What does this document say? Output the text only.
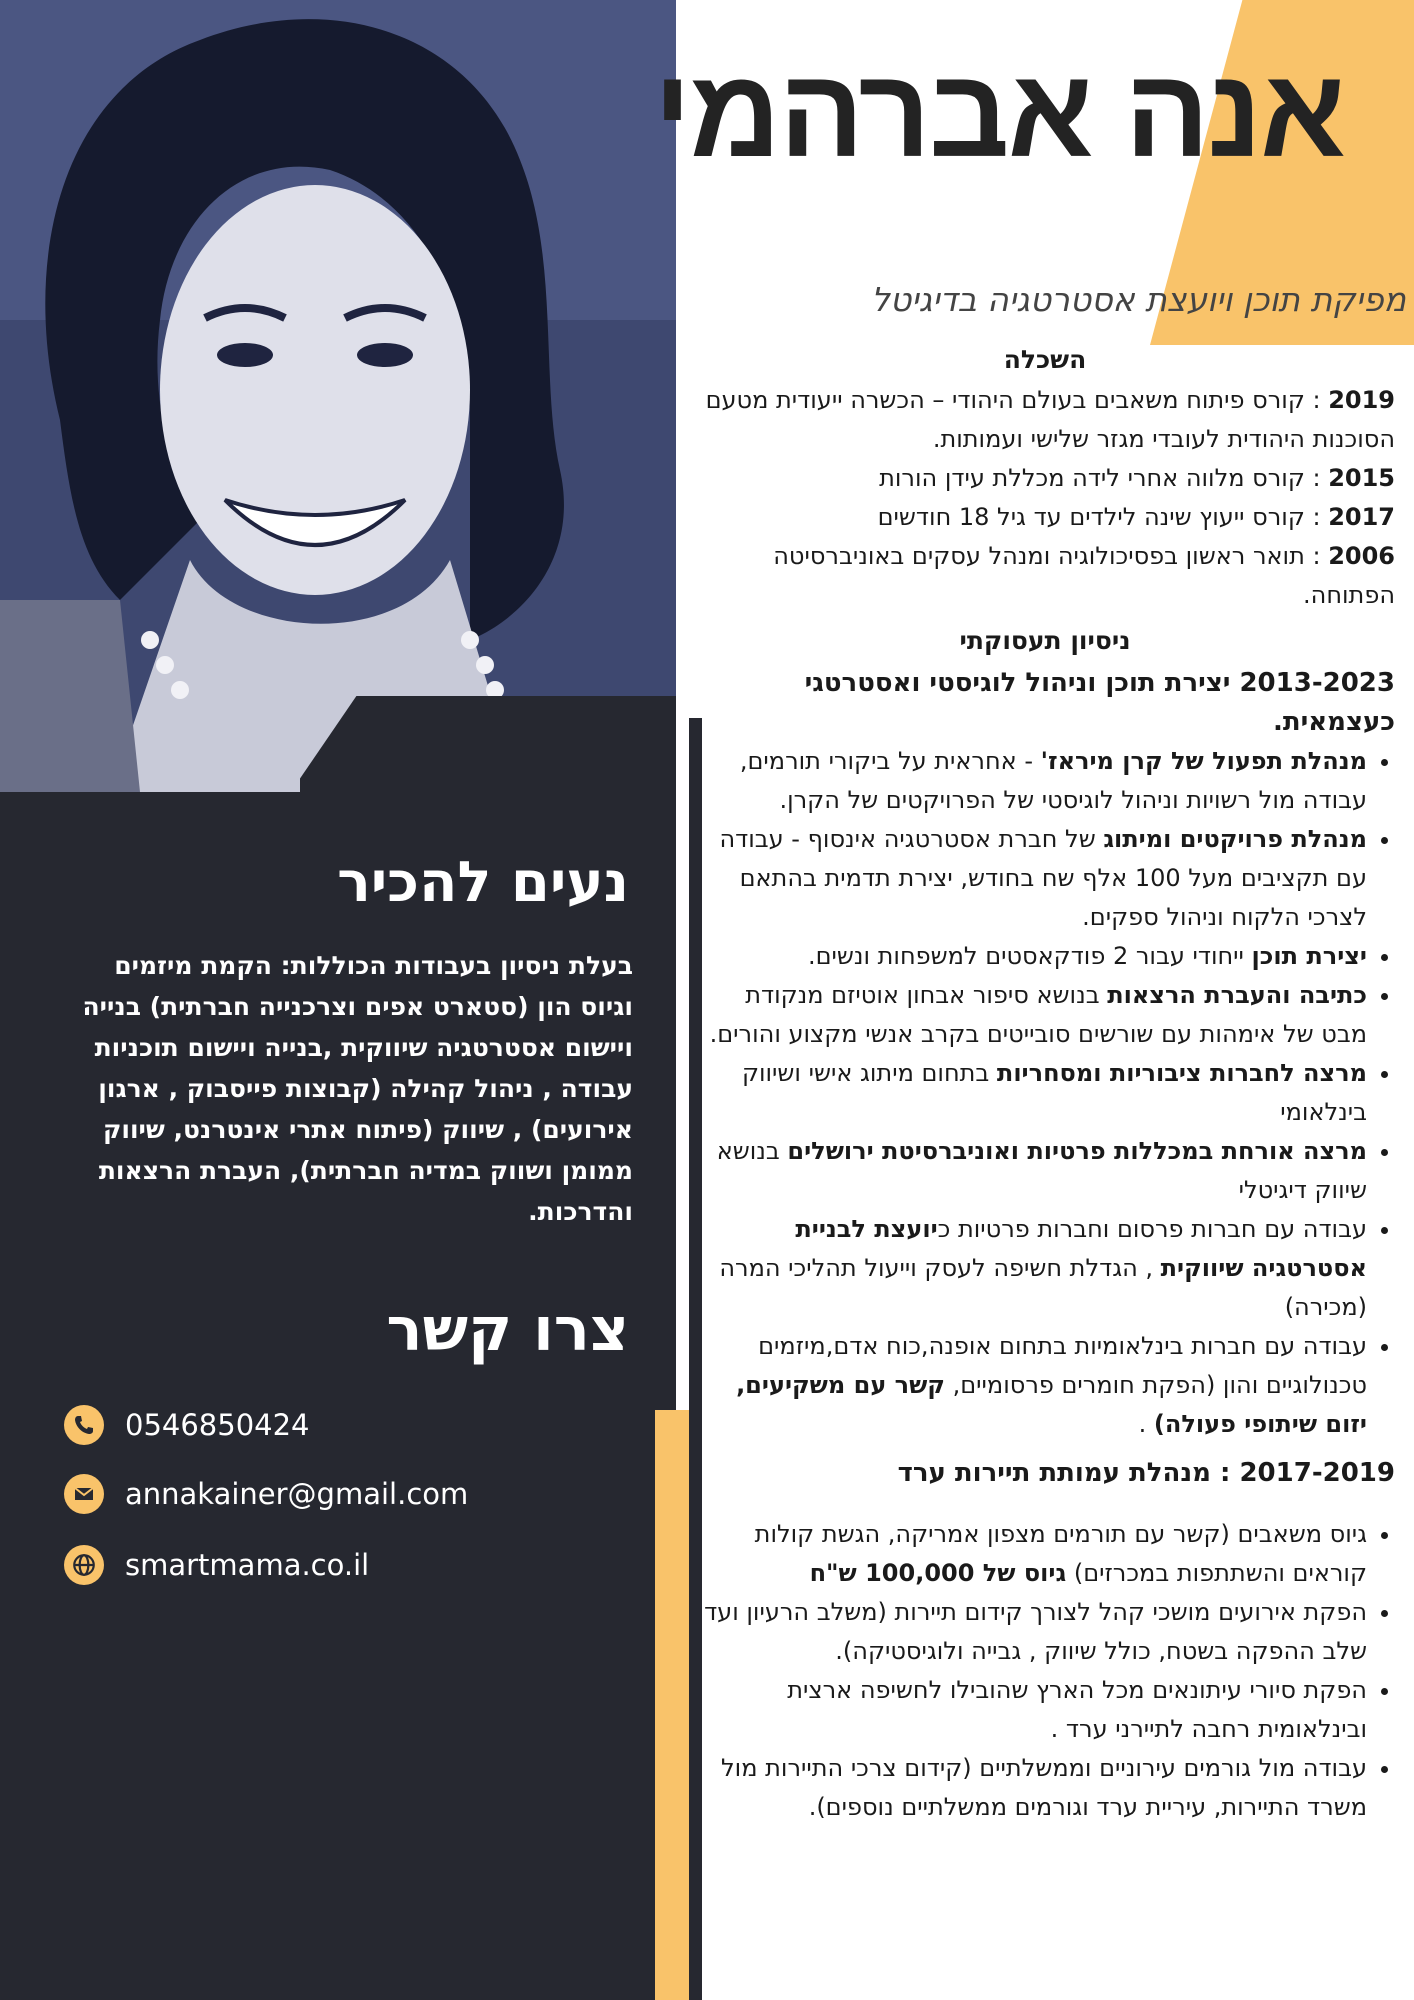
נעים להכיר
בעלת ניסיון בעבודות הכוללות: הקמת מיזמים וגיוס הון (סטארט אפים וצרכנייה חברתית) בנייה ויישום אסטרטגיה שיווקית ,בנייה ויישום תוכניות עבודה , ניהול קהילה (קבוצות פייסבוק , ארגון אירועים) , שיווק (פיתוח אתרי אינטרנט, שיווק ממומן ושווק במדיה חברתית), העברת הרצאות והדרכות.
צרו קשר
0546850424
annakainer@gmail.com
smartmama.co.il
אנה אברהמי
מפיקת תוכן ויועצת אסטרטגיה בדיגיטל
השכלה
2019 : קורס פיתוח משאבים בעולם היהודי – הכשרה ייעודית מטעם הסוכנות היהודית לעובדי מגזר שלישי ועמותות.
2015 : קורס מלווה אחרי לידה מכללת עידן הורות
2017 : קורס ייעוץ שינה לילדים עד גיל 18 חודשים
2006 : תואר ראשון בפסיכולוגיה ומנהל עסקים באוניברסיטה הפתוחה.
ניסיון תעסוקתי
2013-2023 יצירת תוכן וניהול לוגיסטי ואסטרטגי כעצמאית.
• מנהלת תפעול של קרן מיראז' - אחראית על ביקורי תורמים, עבודה מול רשויות וניהול לוגיסטי של הפרויקטים של הקרן.
• מנהלת פרויקטים ומיתוג של חברת אסטרטגיה אינסוף - עבודה עם תקציבים מעל 100 אלף שח בחודש, יצירת תדמית בהתאם לצרכי הלקוח וניהול ספקים.
• יצירת תוכן ייחודי עבור 2 פודקאסטים למשפחות ונשים.
• כתיבה והעברת הרצאות בנושא סיפור אבחון אוטיזם מנקודת מבט של אימהות עם שורשים סובייטים בקרב אנשי מקצוע והורים.
• מרצה לחברות ציבוריות ומסחריות בתחום מיתוג אישי ושיווק בינלאומי
• מרצה אורחת במכללות פרטיות ואוניברסיטת ירושלים בנושא שיווק דיגיטלי
• עבודה עם חברות פרסום וחברות פרטיות כיועצת לבניית אסטרטגיה שיווקית , הגדלת חשיפה לעסק וייעול תהליכי המרה (מכירה)
• עבודה עם חברות בינלאומיות בתחום אופנה,כוח אדם,מיזמים טכנולוגיים והון (הפקת חומרים פרסומיים, קשר עם משקיעים, יזום שיתופי פעולה) .
2017-2019 : מנהלת עמותת תיירות ערד
• גיוס משאבים (קשר עם תורמים מצפון אמריקה, הגשת קולות קוראים והשתתפות במכרזים) גיוס של 100,000 ש"ח
• הפקת אירועים מושכי קהל לצורך קידום תיירות (משלב הרעיון ועד שלב ההפקה בשטח, כולל שיווק , גבייה ולוגיסטיקה).
• הפקת סיורי עיתונאים מכל הארץ שהובילו לחשיפה ארצית ובינלאומית רחבה לתיירני ערד .
• עבודה מול גורמים עירוניים וממשלתיים (קידום צרכי התיירות מול משרד התיירות, עיריית ערד וגורמים ממשלתיים נוספים).
